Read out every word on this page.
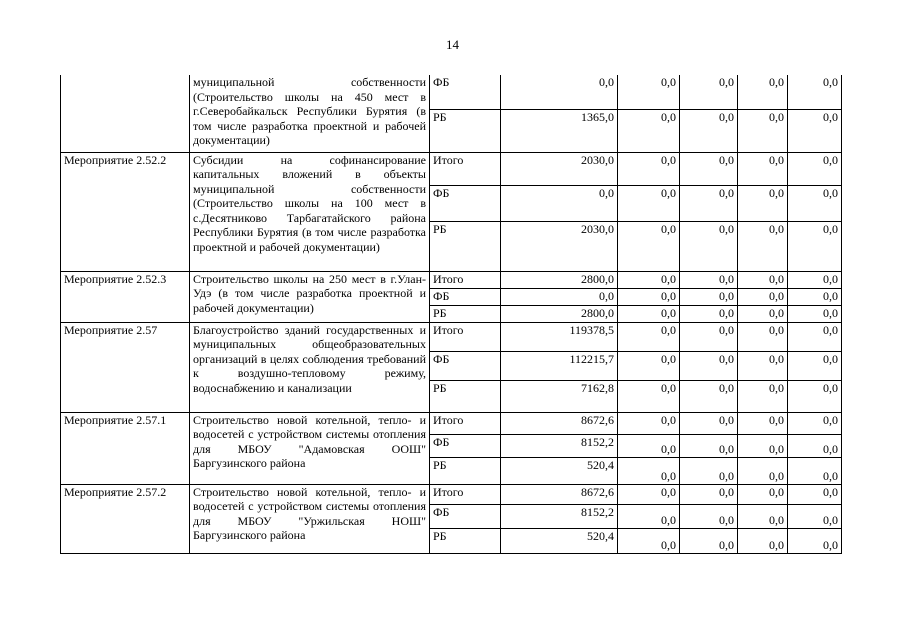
14
	муниципальной собственности (Строительство школы на 450 мест в г.Северобайкальск Республики Бурятия (в том числе разработка проектной и рабочей документации)	ФБ	0,0	0,0	0,0	0,0	0,0
		РБ	1365,0	0,0	0,0	0,0	0,0
Мероприятие 2.52.2	Субсидии на софинансирование капитальных вложений в объекты муниципальной собственности (Строительство школы на 100 мест в с.Десятниково Тарбагатайского района Республики Бурятия (в том числе разработка проектной и рабочей документации)	Итого	2030,0	0,0	0,0	0,0	0,0
		ФБ	0,0	0,0	0,0	0,0	0,0
		РБ	2030,0	0,0	0,0	0,0	0,0
Мероприятие 2.52.3	Строительство школы на 250 мест в г.Улан-Удэ (в том числе разработка проектной и рабочей документации)	Итого	2800,0	0,0	0,0	0,0	0,0
		ФБ	0,0	0,0	0,0	0,0	0,0
		РБ	2800,0	0,0	0,0	0,0	0,0
Мероприятие 2.57	Благоустройство зданий государственных и муниципальных общеобразовательных организаций в целях соблюдения требований к воздушно-тепловому режиму, водоснабжению и канализации	Итого	119378,5	0,0	0,0	0,0	0,0
		ФБ	112215,7	0,0	0,0	0,0	0,0
		РБ	7162,8	0,0	0,0	0,0	0,0
Мероприятие 2.57.1	Строительство новой котельной, тепло- и водосетей с устройством системы отопления для МБОУ "Адамовская ООШ" Баргузинского района	Итого	8672,6	0,0	0,0	0,0	0,0
		ФБ	8152,2	0,0	0,0	0,0	0,0
		РБ	520,4	0,0	0,0	0,0	0,0
Мероприятие 2.57.2	Строительство новой котельной, тепло- и водосетей с устройством системы отопления для МБОУ "Уржильская НОШ" Баргузинского района	Итого	8672,6	0,0	0,0	0,0	0,0
		ФБ	8152,2	0,0	0,0	0,0	0,0
		РБ	520,4	0,0	0,0	0,0	0,0
